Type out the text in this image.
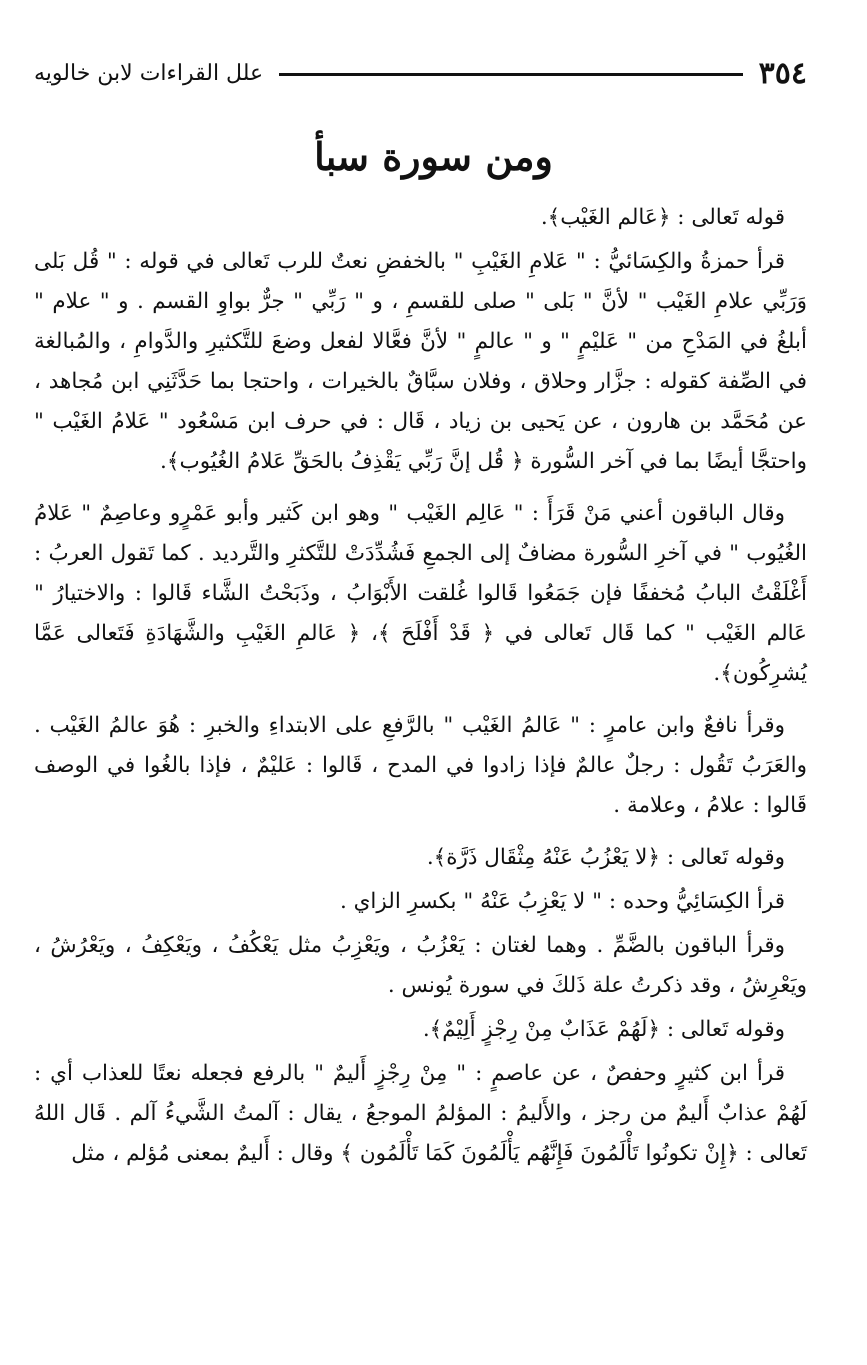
٣٥٤
علل القراءات لابن خالويه
ومن سورة سبأ

قوله تَعالى : ﴿عَالم الغَيْب﴾.

قرأ حمزةُ والكِسَائيُّ : " عَلامِ الغَيْبِ " بالخفضِ نعتٌ للرب تَعالى في قوله : " قُل بَلى وَرَبِّي علامِ الغَيْب " لأنَّ " بَلى " صلى للقسمِ ، و " رَبِّي " جرٌّ بواوِ القسم . و " علام " أبلغُ في المَدْحِ من " عَليْمٍ " و " عالمٍ " لأنَّ فعَّالا لفعل وضعَ للتَّكثيرِ والدَّوامِ ، والمُبالغة في الصِّفة كقوله : جزَّار وحلاق ، وفلان سبَّاقٌ بالخيرات ، واحتجا بما حَدَّثَنِي ابن مُجاهد ، عن مُحَمَّد بن هارون ، عن يَحيى بن زياد ، قَال : في حرف ابن مَسْعُود " عَلامُ الغَيْب " واحتجَّا أيضًا بما في آخر السُّورة ﴿ قُل إنَّ رَبِّي يَقْذِفُ بالحَقِّ عَلامُ الغُيُوب﴾.

وقال الباقون أعني مَنْ قَرَأَ : " عَالِم الغَيْب " وهو ابن كَثير وأبو عَمْرٍو وعاصِمٌ " عَلامُ الغُيُوب " في آخرِ السُّورة مضافٌ إلى الجمعِ فَشُدِّدَتْ للتَّكثرِ والتَّرديد . كما تَقول العربُ : أَغْلَقْتُ البابُ مُخففًا فإن جَمَعُوا قَالوا غُلقت الأَبْوَابُ ، وذَبَحْتُ الشَّاء قَالوا : والاختيارُ " عَالم الغَيْب " كما قَال تَعالى في ﴿ قَدْ أَفْلَحَ ﴾، ﴿ عَالمِ الغَيْبِ والشَّهَادَةِ فَتَعالى عَمَّا يُشرِكُون﴾.

وقرأ نافعٌ وابن عامرٍ : " عَالمُ الغَيْب " بالرَّفعِ على الابتداءِ والخبرِ : هُوَ عالمُ الغَيْب . والعَرَبُ تَقُول : رجلٌ عالمٌ فإذا زادوا في المدح ، قَالوا : عَليْمٌ ، فإذا بالغُوا في الوصف قَالوا : علامُ ، وعلامة .

وقوله تَعالى : ﴿لا يَعْزُبُ عَنْهُ مِثْقَال ذَرَّة﴾.

قرأ الكِسَائِيُّ وحده : " لا يَعْزِبُ عَنْهُ " بكسرِ الزاي .

وقرأ الباقون بالضَّمِّ . وهما لغتان : يَعْزُبُ ، ويَعْزِبُ مثل يَعْكُفُ ، ويَعْكِفُ ، ويَعْرُشُ ، ويَعْرِشُ ، وقد ذكرتُ علة ذَلكَ في سورة يُونس .

وقوله تَعالى : ﴿لَهُمْ عَذَابٌ مِنْ رِجْزٍ أَلِيْمٌ﴾.

قرأ ابن كثيرٍ وحفصٌ ، عن عاصمٍ : " مِنْ رِجْزٍ أَليمٌ " بالرفع فجعله نعتًا للعذاب أي : لَهُمْ عذابٌ أَليمٌ من رجز ، والأَليمُ : المؤلمُ الموجعُ ، يقال : آلمتُ الشَّيءُ آلم . قَال اللهُ تَعالى : ﴿إِنْ تكونُوا تَأْلَمُونَ فَإِنَّهُم يَأْلَمُونَ كَمَا تَأْلَمُون ﴾ وقال : أَليمٌ بمعنى مُؤلم ، مثل
